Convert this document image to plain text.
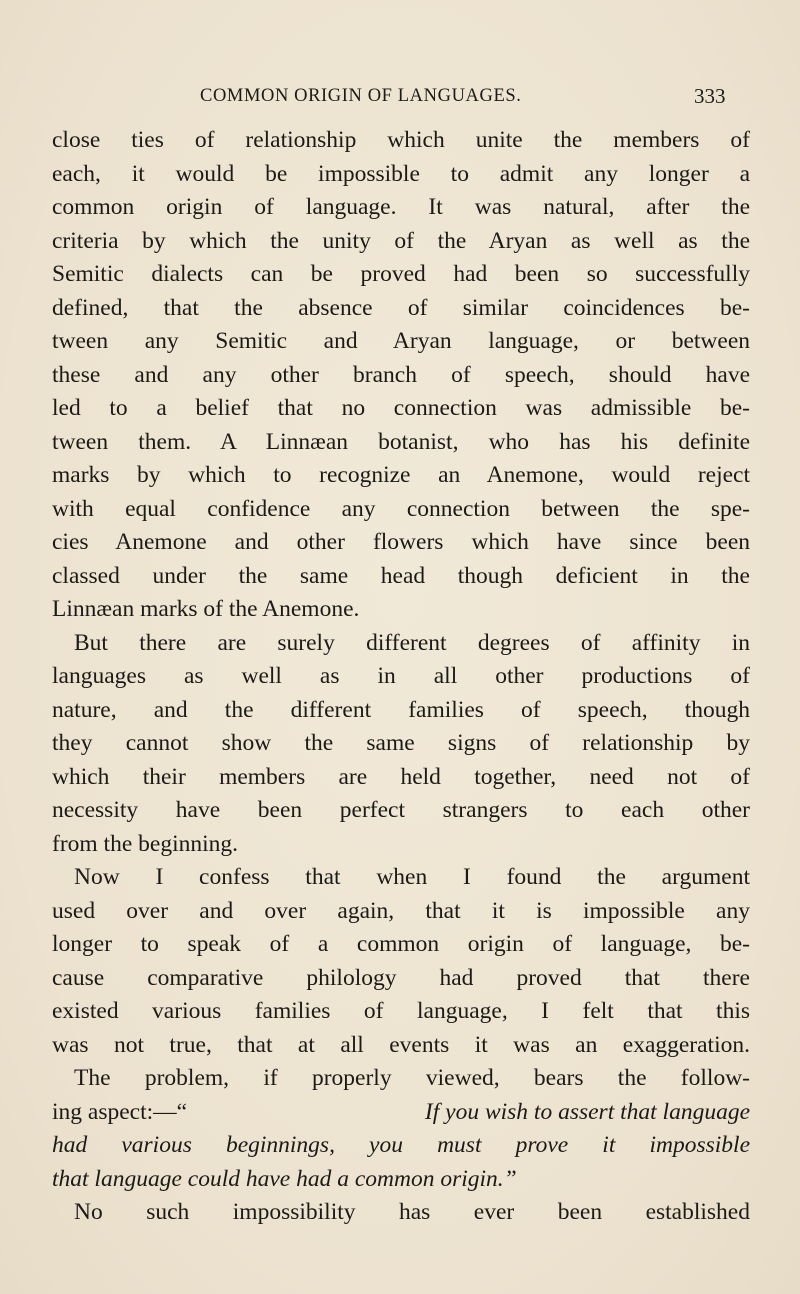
COMMON ORIGIN OF LANGUAGES.	333
close ties of relationship which unite the members of
each, it would be impossible to admit any longer a
common origin of language. It was natural, after the
criteria by which the unity of the Aryan as well as the
Semitic dialects can be proved had been so successfully
defined, that the absence of similar coincidences be-
tween any Semitic and Aryan language, or between
these and any other branch of speech, should have
led to a belief that no connection was admissible be-
tween them. A Linnæan botanist, who has his definite
marks by which to recognize an Anemone, would reject
with equal confidence any connection between the spe-
cies Anemone and other flowers which have since been
classed under the same head though deficient in the
Linnæan marks of the Anemone.
But there are surely different degrees of affinity in
languages as well as in all other productions of
nature, and the different families of speech, though
they cannot show the same signs of relationship by
which their members are held together, need not of
necessity have been perfect strangers to each other
from the beginning.
Now I confess that when I found the argument
used over and over again, that it is impossible any
longer to speak of a common origin of language, be-
cause comparative philology had proved that there
existed various families of language, I felt that this
was not true, that at all events it was an exaggeration.
The problem, if properly viewed, bears the follow-
ing aspect:—“	If you wish to assert that language
had various beginnings, you must prove it impossible
that language could have had a common origin.”
No such impossibility has ever been established
